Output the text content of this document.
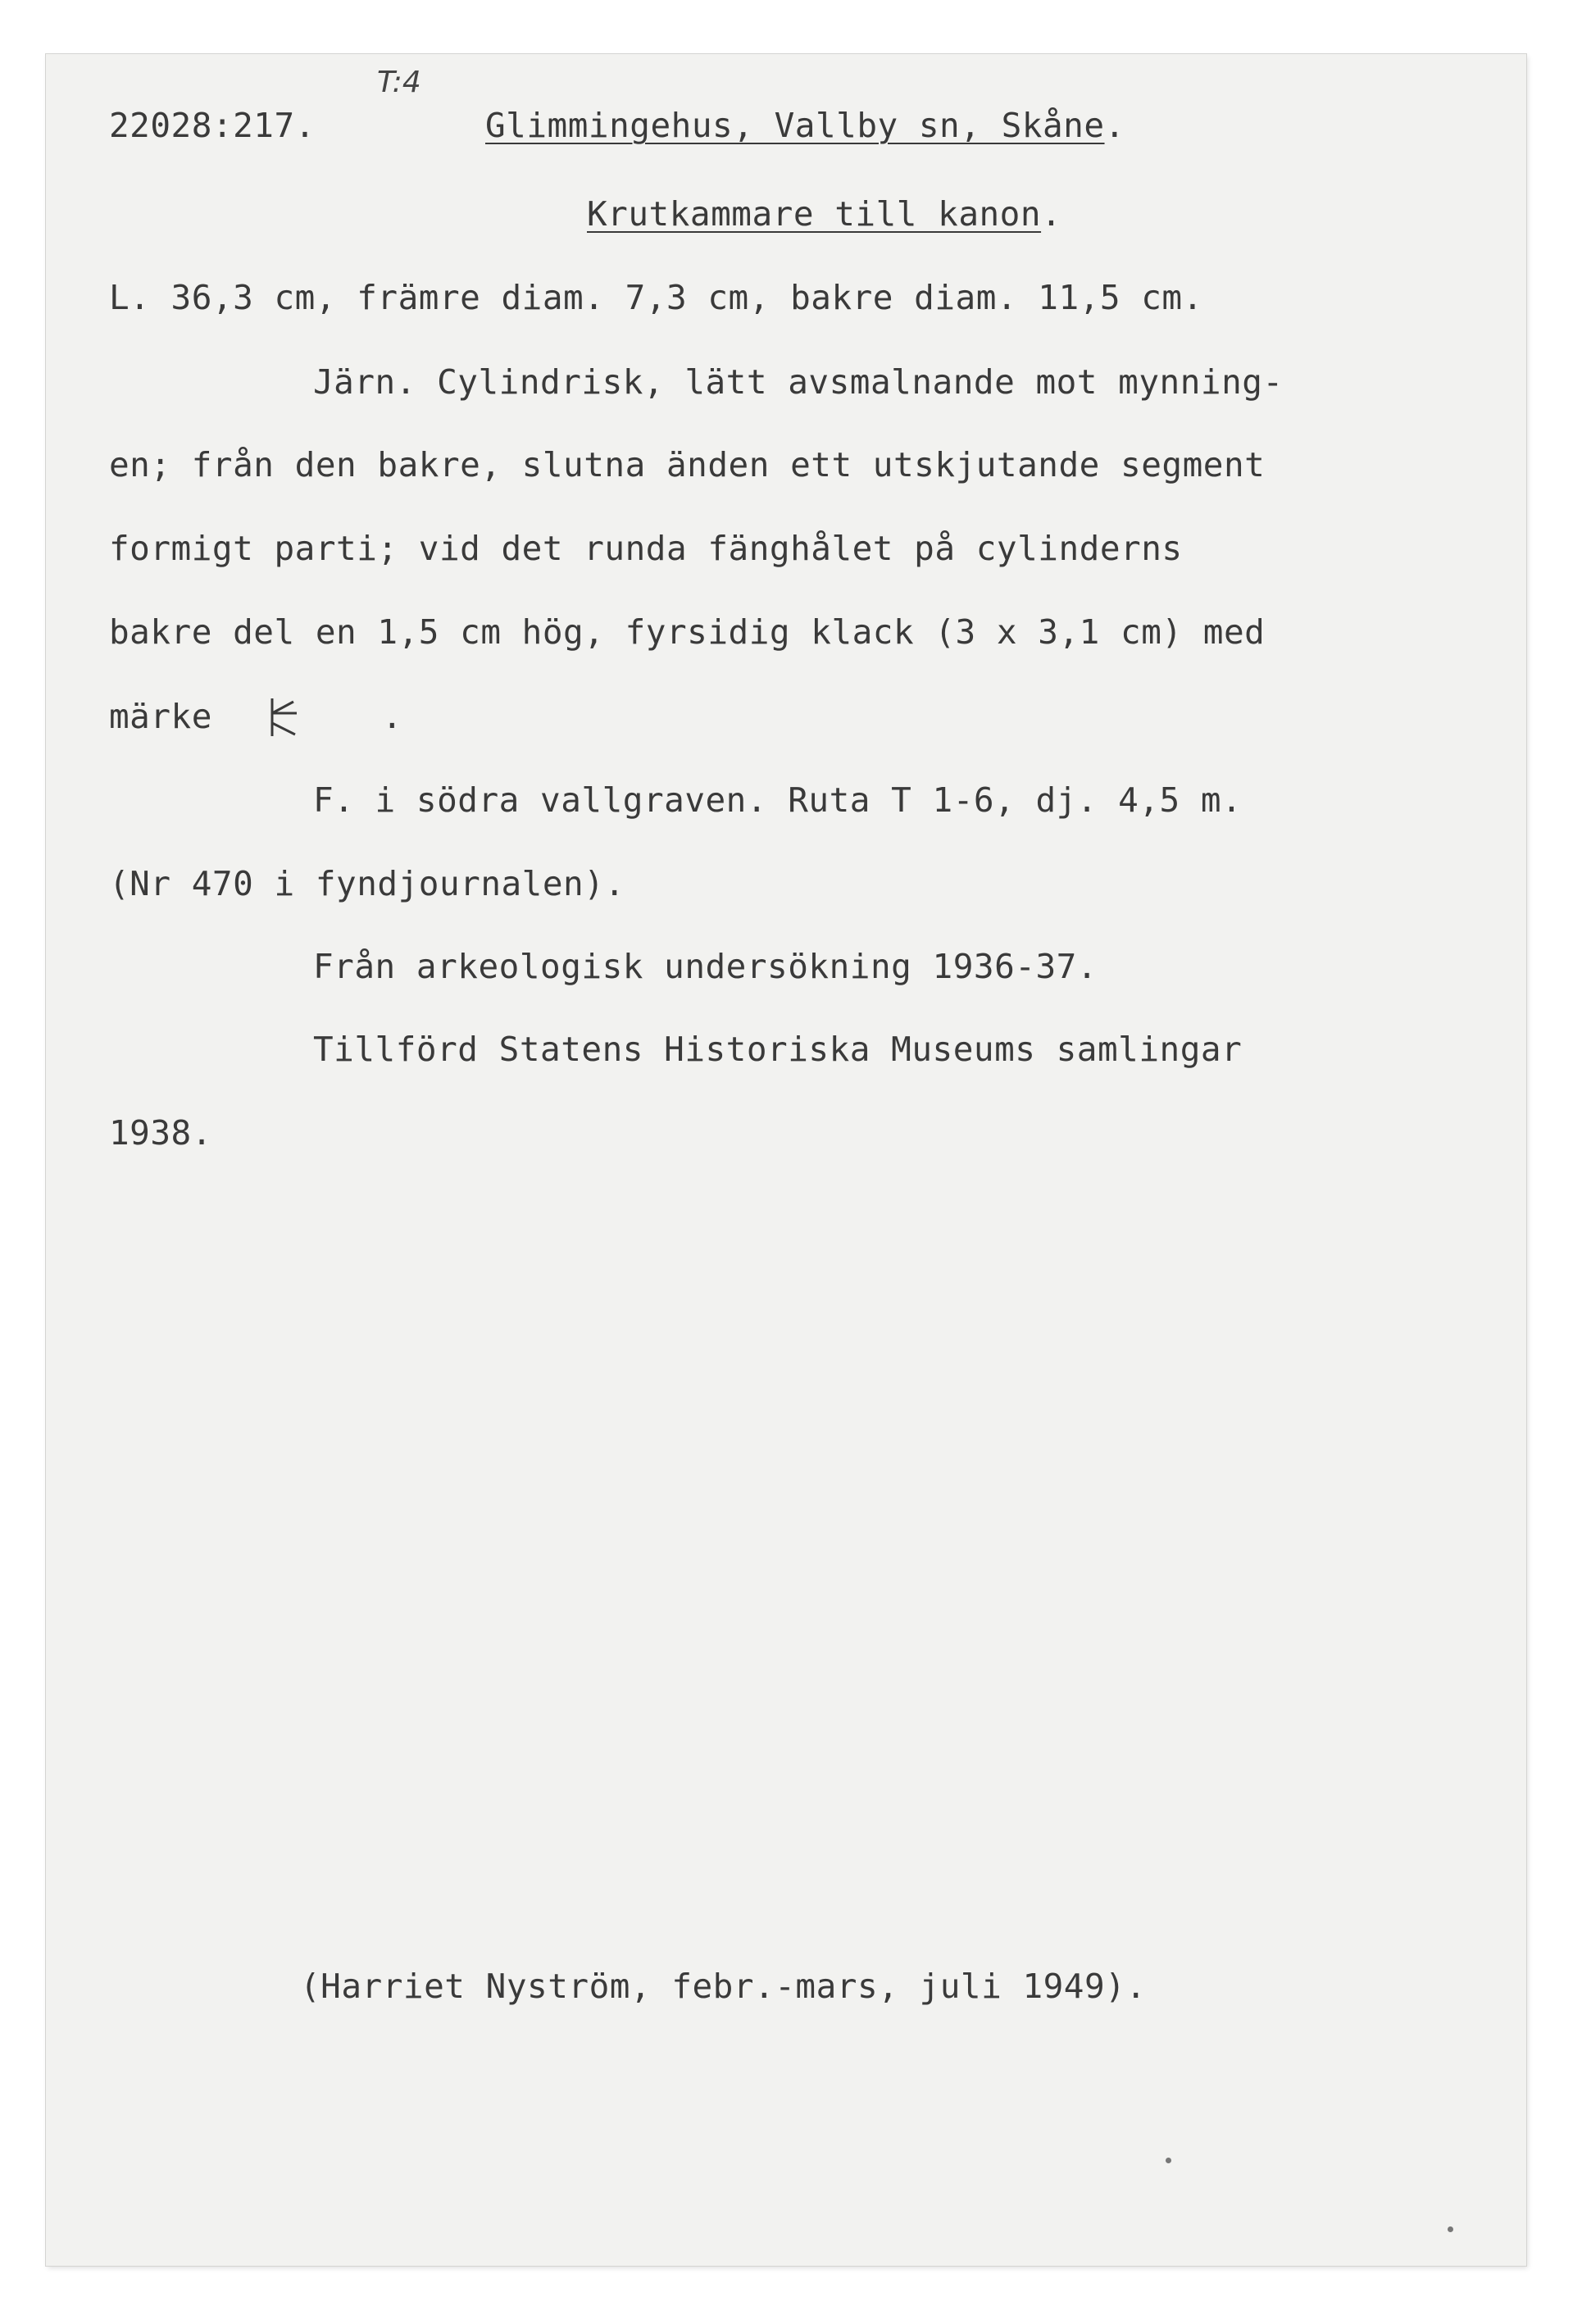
22028:217.
T:4
Glimmingehus, Vallby sn, Skåne.
Krutkammare till kanon.
L. 36,3 cm, främre diam. 7,3 cm, bakre diam. 11,5 cm.
Järn. Cylindrisk, lätt avsmalnande mot mynning-
en; från den bakre, slutna änden ett utskjutande segment
formigt parti; vid det runda fänghålet på cylinderns
bakre del en 1,5 cm hög, fyrsidig klack (3 x 3,1 cm) med
märke	.
F. i södra vallgraven. Ruta T 1-6, dj. 4,5 m.
(Nr 470 i fyndjournalen).
Från arkeologisk undersökning 1936-37.
Tillförd Statens Historiska Museums samlingar
1938.
(Harriet Nyström, febr.-mars, juli 1949).
